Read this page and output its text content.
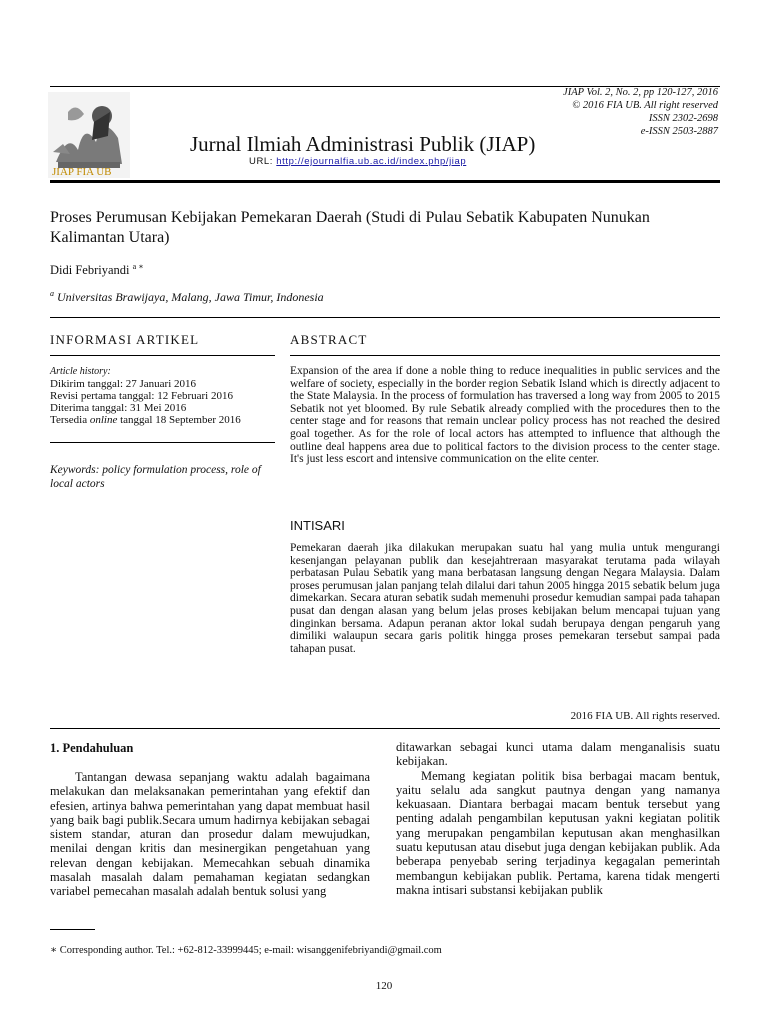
JIAP Vol. 2, No. 2, pp 120-127, 2016
© 2016 FIA UB. All right reserved
ISSN 2302-2698
e-ISSN 2503-2887
JIAP FIA UB
Jurnal Ilmiah Administrasi Publik (JIAP)
URL: http://ejournalfia.ub.ac.id/index.php/jiap
Proses Perumusan Kebijakan Pemekaran Daerah (Studi di Pulau Sebatik Kabupaten Nunukan Kalimantan Utara)
Didi Febriyandi $^{a ∗}$
$^a$ Universitas Brawijaya, Malang, Jawa Timur, Indonesia
INFORMASI ARTIKEL	ABSTRACT
Article history:
Dikirim tanggal: 27 Januari 2016
Revisi pertama tanggal: 12 Februari 2016
Diterima tanggal: 31 Mei 2016
Tersedia online tanggal 18 September 2016
Keywords: policy formulation process, role of local actors
Expansion of the area if done a noble thing to reduce inequalities in public services and the welfare of society, especially in the border region Sebatik Island which is directly adjacent to the State Malaysia. In the process of formulation has traversed a long way from 2005 to 2015 Sebatik not yet bloomed. By rule Sebatik already complied with the procedures then to the center stage and for reasons that remain unclear policy process has not reached the desired goal together. As for the role of local actors has attempted to influence that although the outline deal happens area due to political factors to the division process to the center stage. It's just less escort and intensive communication on the elite center.
INTISARI
Pemekaran daerah jika dilakukan merupakan suatu hal yang mulia untuk mengurangi kesenjangan pelayanan publik dan kesejahtreraan masyarakat terutama pada wilayah perbatasan Pulau Sebatik yang mana berbatasan langsung dengan Negara Malaysia. Dalam proses perumusan jalan panjang telah dilalui dari tahun 2005 hingga 2015 sebatik belum juga dimekarkan. Secara aturan sebatik sudah memenuhi prosedur kemudian sampai pada tahapan pusat dan dengan alasan yang belum jelas proses kebijakan belum mencapai tujuan yang dinginkan bersama. Adapun peranan aktor lokal sudah berupaya dengan pengaruh yang dimiliki walaupun secara garis politik hingga proses pemekaran tersebut sampai pada tahapan pusat.
2016 FIA UB. All rights reserved.
1. Pendahuluan
Tantangan dewasa sepanjang waktu adalah bagaimana melakukan dan melaksanakan pemerintahan yang efektif dan efesien, artinya bahwa pemerintahan yang dapat membuat hasil yang baik bagi publik.Secara umum hadirnya kebijakan sebagai sistem standar, aturan dan prosedur dalam mewujudkan, menilai dengan kritis dan mesinergikan pengetahuan yang relevan dengan kebijakan. Memecahkan sebuah dinamika masalah masalah dalam pemahaman kegiatan sedangkan variabel pemecahan masalah adalah bentuk solusi yang
ditawarkan sebagai kunci utama dalam menganalisis suatu kebijakan.
Memang kegiatan politik bisa berbagai macam bentuk, yaitu selalu ada sangkut pautnya dengan yang namanya kekuasaan. Diantara berbagai macam bentuk tersebut yang penting adalah pengambilan keputusan yakni kegiatan politik yang merupakan pengambilan keputusan akan menghasilkan suatu keputusan atau disebut juga dengan kebijakan publik. Ada beberapa penyebab sering terjadinya kegagalan pemerintah membangun kebijakan publik. Pertama, karena tidak mengerti makna intisari substansi kebijakan publik
∗ Corresponding author. Tel.: +62-812-33999445; e-mail: wisanggenifebriyandi@gmail.com
120
